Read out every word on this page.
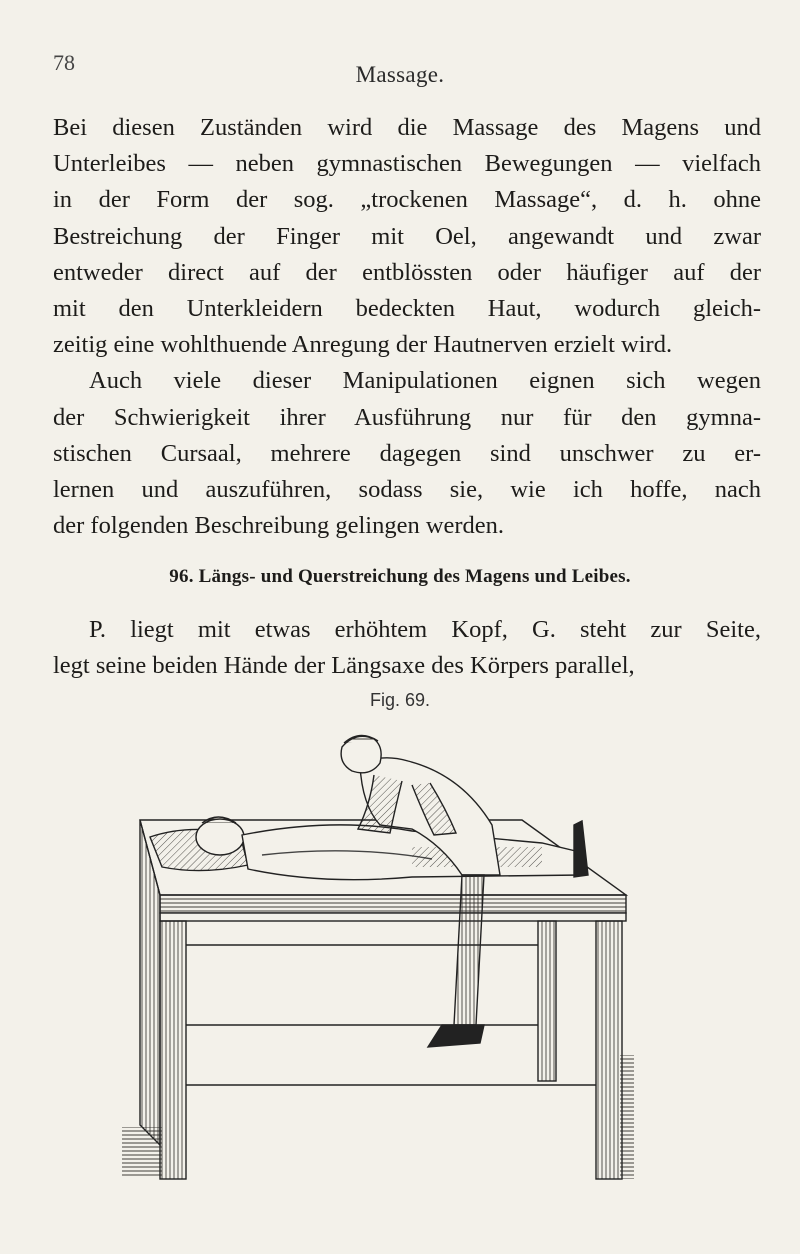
78	Massage.
Bei diesen Zuständen wird die Massage des Magens und
Unterleibes — neben gymnastischen Bewegungen — vielfach
in der Form der sog. „trockenen Massage“, d. h. ohne
Bestreichung der Finger mit Oel, angewandt und zwar
entweder direct auf der entblössten oder häufiger auf der
mit den Unterkleidern bedeckten Haut, wodurch gleich-
zeitig eine wohlthuende Anregung der Hautnerven erzielt wird.
Auch viele dieser Manipulationen eignen sich wegen
der Schwierigkeit ihrer Ausführung nur für den gymna-
stischen Cursaal, mehrere dagegen sind unschwer zu er-
lernen und auszuführen, sodass sie, wie ich hoffe, nach
der folgenden Beschreibung gelingen werden.
96. Längs- und Querstreichung des Magens und Leibes.
P. liegt mit etwas erhöhtem Kopf, G. steht zur Seite,
legt seine beiden Hände der Längsaxe des Körpers parallel,
Fig. 69.
